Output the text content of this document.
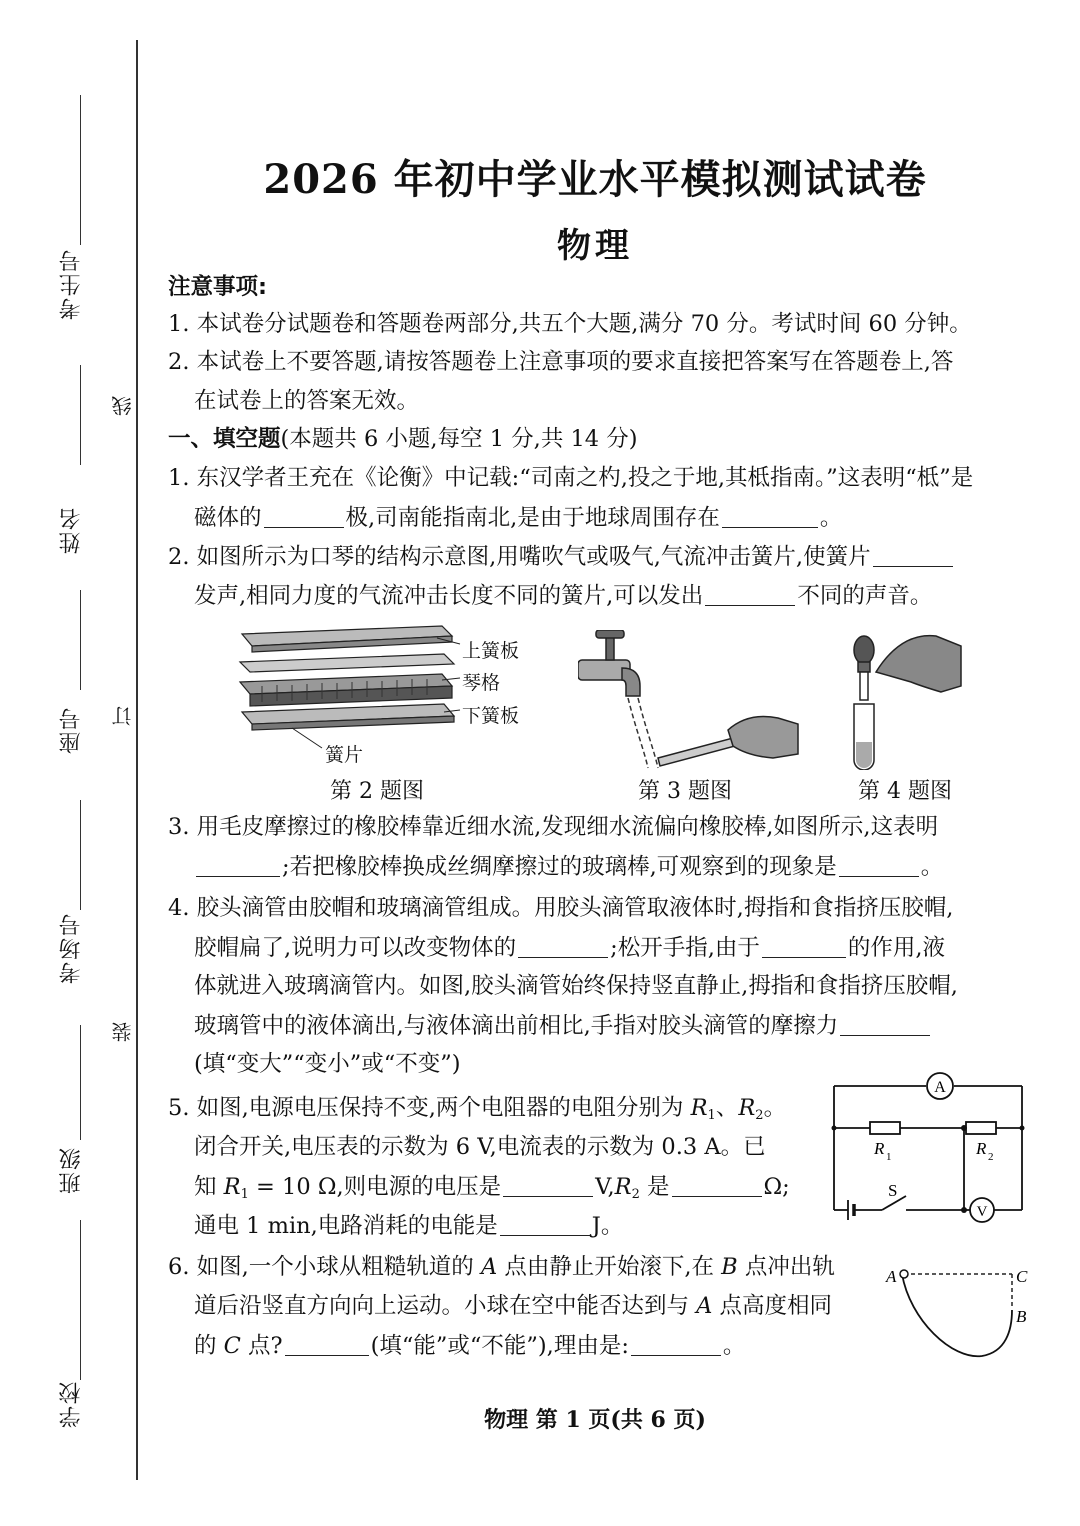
考生号
姓名
座号
考场号
班级
学校
线
订
装
2026 年初中学业水平模拟测试试卷
物理
注意事项:
1. 本试卷分试题卷和答题卷两部分,共五个大题,满分 70 分。考试时间 60 分钟。
2. 本试卷上不要答题,请按答题卷上注意事项的要求直接把答案写在答题卷上,答
在试卷上的答案无效。
一、填空题(本题共 6 小题,每空 1 分,共 14 分)
1. 东汉学者王充在《论衡》中记载:“司南之杓,投之于地,其柢指南。”这表明“柢”是
磁体的	极,司南能指南北,是由于地球周围存在	。
2. 如图所示为口琴的结构示意图,用嘴吹气或吸气,气流冲击簧片,使簧片
发声,相同力度的气流冲击长度不同的簧片,可以发出	不同的声音。
上簧板
琴格
下簧板
簧片
第 2 题图	第 3 题图	第 4 题图
3. 用毛皮摩擦过的橡胶棒靠近细水流,发现细水流偏向橡胶棒,如图所示,这表明
;若把橡胶棒换成丝绸摩擦过的玻璃棒,可观察到的现象是	。
4. 胶头滴管由胶帽和玻璃滴管组成。用胶头滴管取液体时,拇指和食指挤压胶帽,
胶帽扁了,说明力可以改变物体的	;松开手指,由于	的作用,液
体就进入玻璃滴管内。如图,胶头滴管始终保持竖直静止,拇指和食指挤压胶帽,
玻璃管中的液体滴出,与液体滴出前相比,手指对胶头滴管的摩擦力
(填“变大”“变小”或“不变”)
5. 如图,电源电压保持不变,两个电阻器的电阻分别为 $R_1$、$R_2$。
闭合开关,电压表的示数为 6 V,电流表的示数为 0.3 A。已
知 $R_1 = 10$ Ω,则电源的电压是	$V,R_2$ 是	Ω;
通电 1 min,电路消耗的电能是	J。
A
V
S
R 1	R 2
6. 如图,一个小球从粗糙轨道的 A 点由静止开始滚下,在 B 点冲出轨
道后沿竖直方向向上运动。小球在空中能否达到与 A 点高度相同
的 C 点?	(填“能”或“不能”),理由是:	。
A	C
B
物理 第 1 页(共 6 页)
